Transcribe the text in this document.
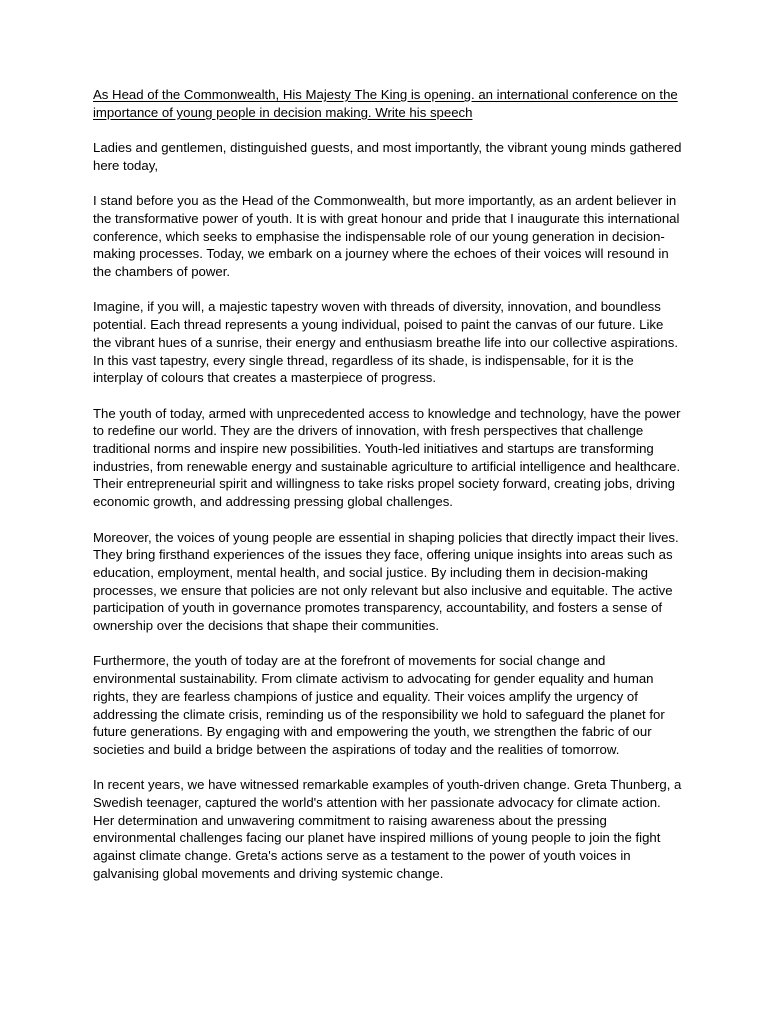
As Head of the Commonwealth, His Majesty The King is opening. an international conference on the importance of young people in decision making. Write his speech

Ladies and gentlemen, distinguished guests, and most importantly, the vibrant young minds gathered here today,

I stand before you as the Head of the Commonwealth, but more importantly, as an ardent believer in the transformative power of youth. It is with great honour and pride that I inaugurate this international conference, which seeks to emphasise the indispensable role of our young generation in decision-making processes. Today, we embark on a journey where the echoes of their voices will resound in the chambers of power.

Imagine, if you will, a majestic tapestry woven with threads of diversity, innovation, and boundless potential. Each thread represents a young individual, poised to paint the canvas of our future. Like the vibrant hues of a sunrise, their energy and enthusiasm breathe life into our collective aspirations. In this vast tapestry, every single thread, regardless of its shade, is indispensable, for it is the interplay of colours that creates a masterpiece of progress.

The youth of today, armed with unprecedented access to knowledge and technology, have the power to redefine our world. They are the drivers of innovation, with fresh perspectives that challenge traditional norms and inspire new possibilities. Youth-led initiatives and startups are transforming industries, from renewable energy and sustainable agriculture to artificial intelligence and healthcare. Their entrepreneurial spirit and willingness to take risks propel society forward, creating jobs, driving economic growth, and addressing pressing global challenges.

Moreover, the voices of young people are essential in shaping policies that directly impact their lives. They bring firsthand experiences of the issues they face, offering unique insights into areas such as education, employment, mental health, and social justice. By including them in decision-making processes, we ensure that policies are not only relevant but also inclusive and equitable. The active participation of youth in governance promotes transparency, accountability, and fosters a sense of ownership over the decisions that shape their communities.

Furthermore, the youth of today are at the forefront of movements for social change and environmental sustainability. From climate activism to advocating for gender equality and human rights, they are fearless champions of justice and equality. Their voices amplify the urgency of addressing the climate crisis, reminding us of the responsibility we hold to safeguard the planet for future generations. By engaging with and empowering the youth, we strengthen the fabric of our societies and build a bridge between the aspirations of today and the realities of tomorrow.

In recent years, we have witnessed remarkable examples of youth-driven change. Greta Thunberg, a Swedish teenager, captured the world's attention with her passionate advocacy for climate action. Her determination and unwavering commitment to raising awareness about the pressing environmental challenges facing our planet have inspired millions of young people to join the fight against climate change. Greta's actions serve as a testament to the power of youth voices in galvanising global movements and driving systemic change.
